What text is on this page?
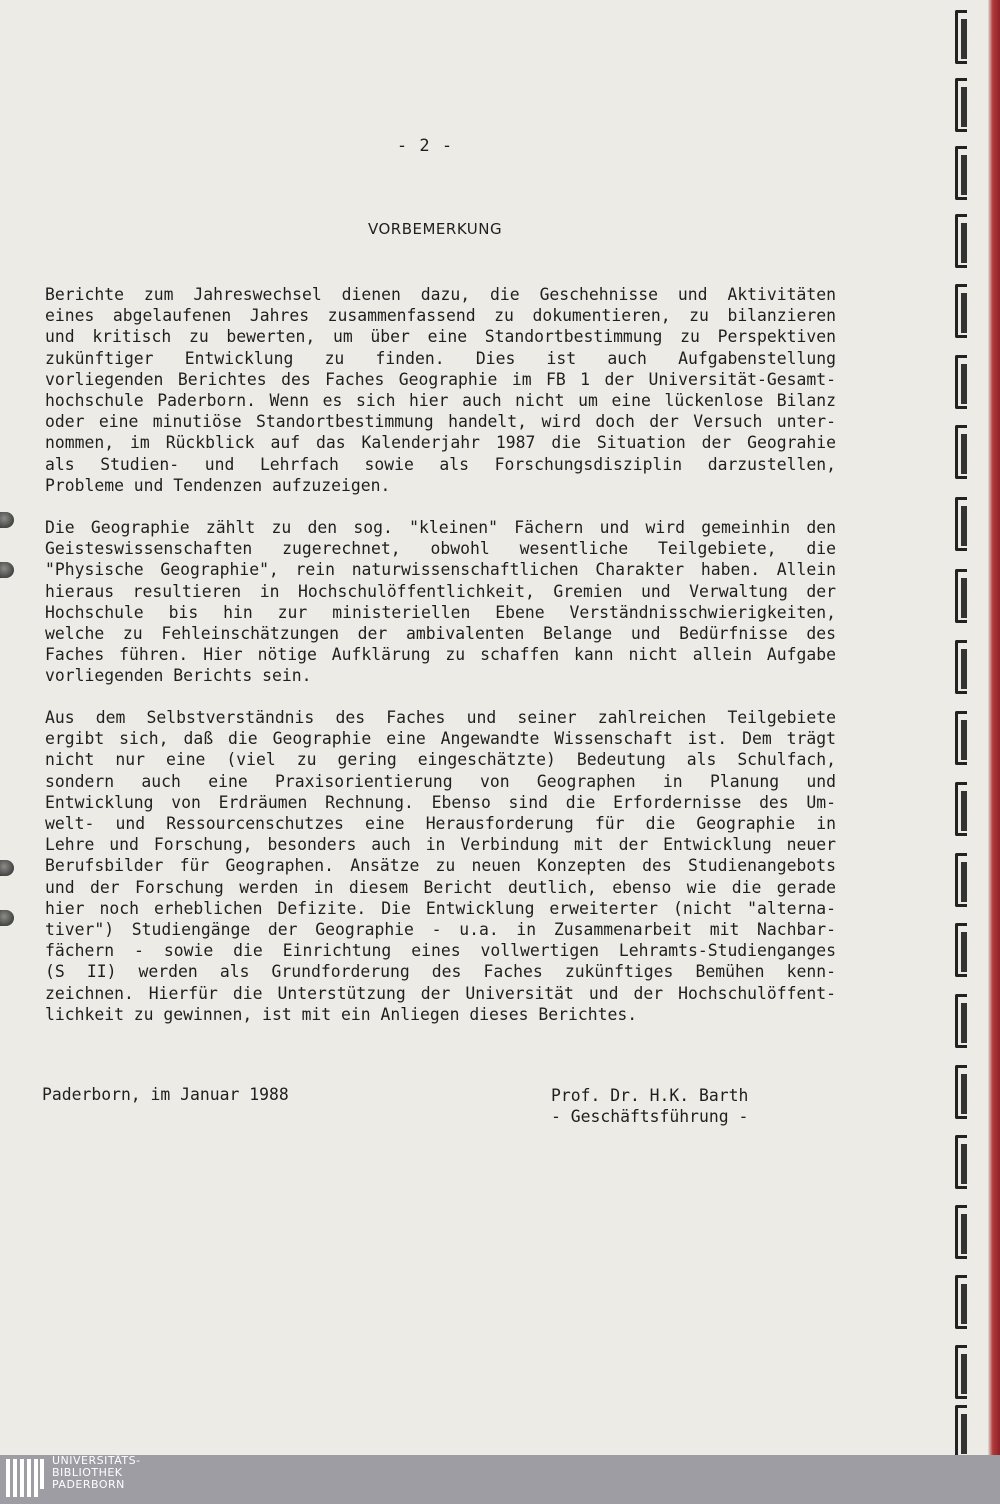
- 2 -
VORBEMERKUNG
Berichte zum Jahreswechsel dienen dazu, die Geschehnisse und Aktivitäten
eines abgelaufenen Jahres zusammenfassend zu dokumentieren, zu bilanzieren
und kritisch zu bewerten, um über eine Standortbestimmung zu Perspektiven
zukünftiger Entwicklung zu finden. Dies ist auch Aufgabenstellung
vorliegenden Berichtes des Faches Geographie im FB 1 der Universität-Gesamt-
hochschule Paderborn. Wenn es sich hier auch nicht um eine lückenlose Bilanz
oder eine minutiöse Standortbestimmung handelt, wird doch der Versuch unter-
nommen, im Rückblick auf das Kalenderjahr 1987 die Situation der Geograhie
als Studien- und Lehrfach sowie als Forschungsdisziplin darzustellen,
Probleme und Tendenzen aufzuzeigen.
Die Geographie zählt zu den sog. "kleinen" Fächern und wird gemeinhin den
Geisteswissenschaften zugerechnet, obwohl wesentliche Teilgebiete, die
"Physische Geographie", rein naturwissenschaftlichen Charakter haben. Allein
hieraus resultieren in Hochschulöffentlichkeit, Gremien und Verwaltung der
Hochschule bis hin zur ministeriellen Ebene Verständnisschwierigkeiten,
welche zu Fehleinschätzungen der ambivalenten Belange und Bedürfnisse des
Faches führen. Hier nötige Aufklärung zu schaffen kann nicht allein Aufgabe
vorliegenden Berichts sein.
Aus dem Selbstverständnis des Faches und seiner zahlreichen Teilgebiete
ergibt sich, daß die Geographie eine Angewandte Wissenschaft ist. Dem trägt
nicht nur eine (viel zu gering eingeschätzte) Bedeutung als Schulfach,
sondern auch eine Praxisorientierung von Geographen in Planung und
Entwicklung von Erdräumen Rechnung. Ebenso sind die Erfordernisse des Um-
welt- und Ressourcenschutzes eine Herausforderung für die Geographie in
Lehre und Forschung, besonders auch in Verbindung mit der Entwicklung neuer
Berufsbilder für Geographen. Ansätze zu neuen Konzepten des Studienangebots
und der Forschung werden in diesem Bericht deutlich, ebenso wie die gerade
hier noch erheblichen Defizite. Die Entwicklung erweiterter (nicht "alterna-
tiver") Studiengänge der Geographie - u.a. in Zusammenarbeit mit Nachbar-
fächern - sowie die Einrichtung eines vollwertigen Lehramts-Studienganges
(S II) werden als Grundforderung des Faches zukünftiges Bemühen kenn-
zeichnen. Hierfür die Unterstützung der Universität und der Hochschulöffent-
lichkeit zu gewinnen, ist mit ein Anliegen dieses Berichtes.
Paderborn, im Januar 1988	Prof. Dr. H.K. Barth
- Geschäftsführung -
UNIVERSITÄTS-
BIBLIOTHEK
PADERBORN
